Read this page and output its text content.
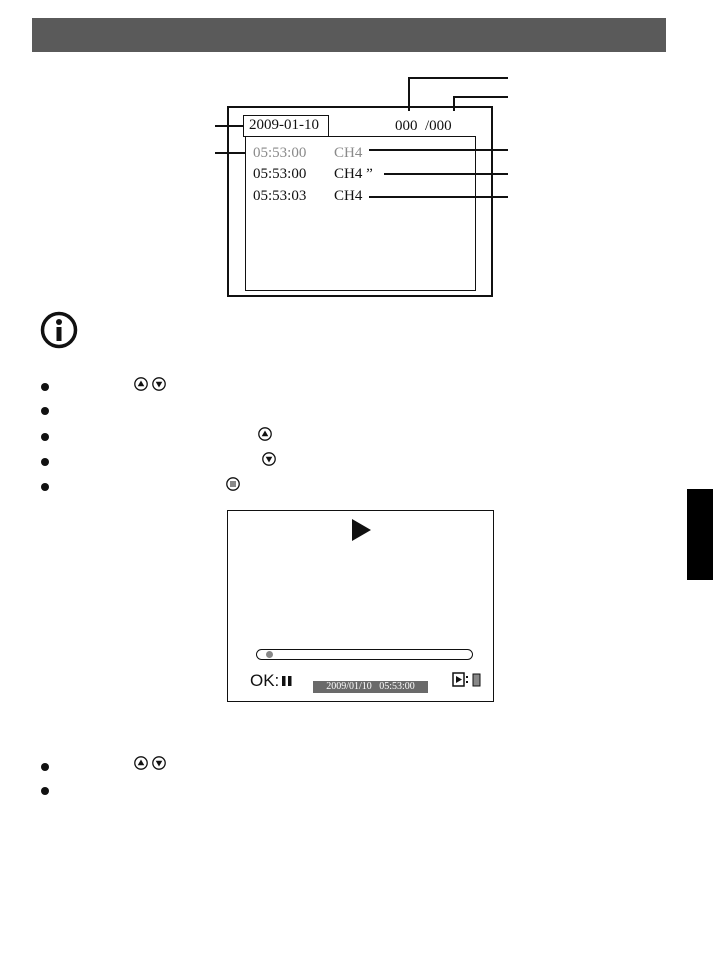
2009-01-10	000  /000
05:53:00 CH4
05:53:00 CH4 ”
05:53:03 CH4
OK:	2009/01/10   05:53:00
